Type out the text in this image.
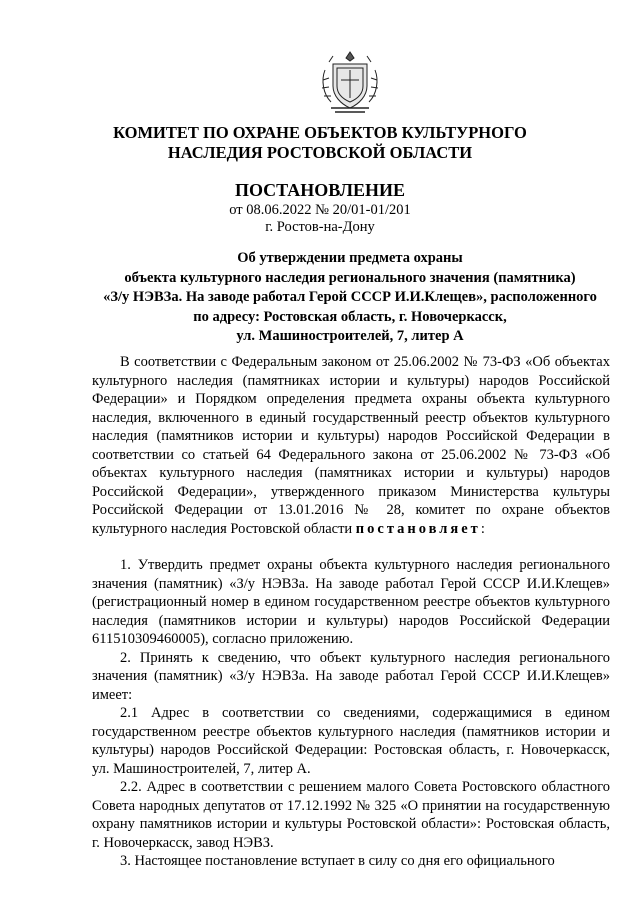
КОМИТЕТ ПО ОХРАНЕ ОБЪЕКТОВ КУЛЬТУРНОГО
НАСЛЕДИЯ РОСТОВСКОЙ ОБЛАСТИ
ПОСТАНОВЛЕНИЕ
от 08.06.2022 № 20/01-01/201
г. Ростов-на-Дону
Об утверждении предмета охраны
объекта культурного наследия регионального значения (памятника)
«З/у НЭВЗа. На заводе работал Герой СССР И.И.Клещев», расположенного
по адресу: Ростовская область, г. Новочеркасск,
ул. Машиностроителей, 7, литер А

В соответствии с Федеральным законом от 25.06.2002 № 73-ФЗ «Об объектах культурного наследия (памятниках истории и культуры) народов Российской Федерации» и Порядком определения предмета охраны объекта культурного наследия, включенного в единый государственный реестр объектов культурного наследия (памятников истории и культуры) народов Российской Федерации в соответствии со статьей 64 Федерального закона от 25.06.2002 № 73-ФЗ «Об объектах культурного наследия (памятниках истории и культуры) народов Российской Федерации», утвержденного приказом Министерства культуры Российской Федерации от 13.01.2016 № 28, комитет по охране объектов культурного наследия Ростовской области постановляет:

1. Утвердить предмет охраны объекта культурного наследия регионального значения (памятник) «З/у НЭВЗа. На заводе работал Герой СССР И.И.Клещев» (регистрационный номер в едином государственном реестре объектов культурного наследия (памятников истории и культуры) народов Российской Федерации 611510309460005), согласно приложению.

2. Принять к сведению, что объект культурного наследия регионального значения (памятник) «З/у НЭВЗа. На заводе работал Герой СССР И.И.Клещев» имеет:

2.1 Адрес в соответствии со сведениями, содержащимися в едином государственном реестре объектов культурного наследия (памятников истории и культуры) народов Российской Федерации: Ростовская область, г. Новочеркасск, ул. Машиностроителей, 7, литер А.

2.2. Адрес в соответствии с решением малого Совета Ростовского областного Совета народных депутатов от 17.12.1992 № 325 «О принятии на государственную охрану памятников истории и культуры Ростовской области»: Ростовская область, г. Новочеркасск, завод НЭВЗ.

3. Настоящее постановление вступает в силу со дня его официального
